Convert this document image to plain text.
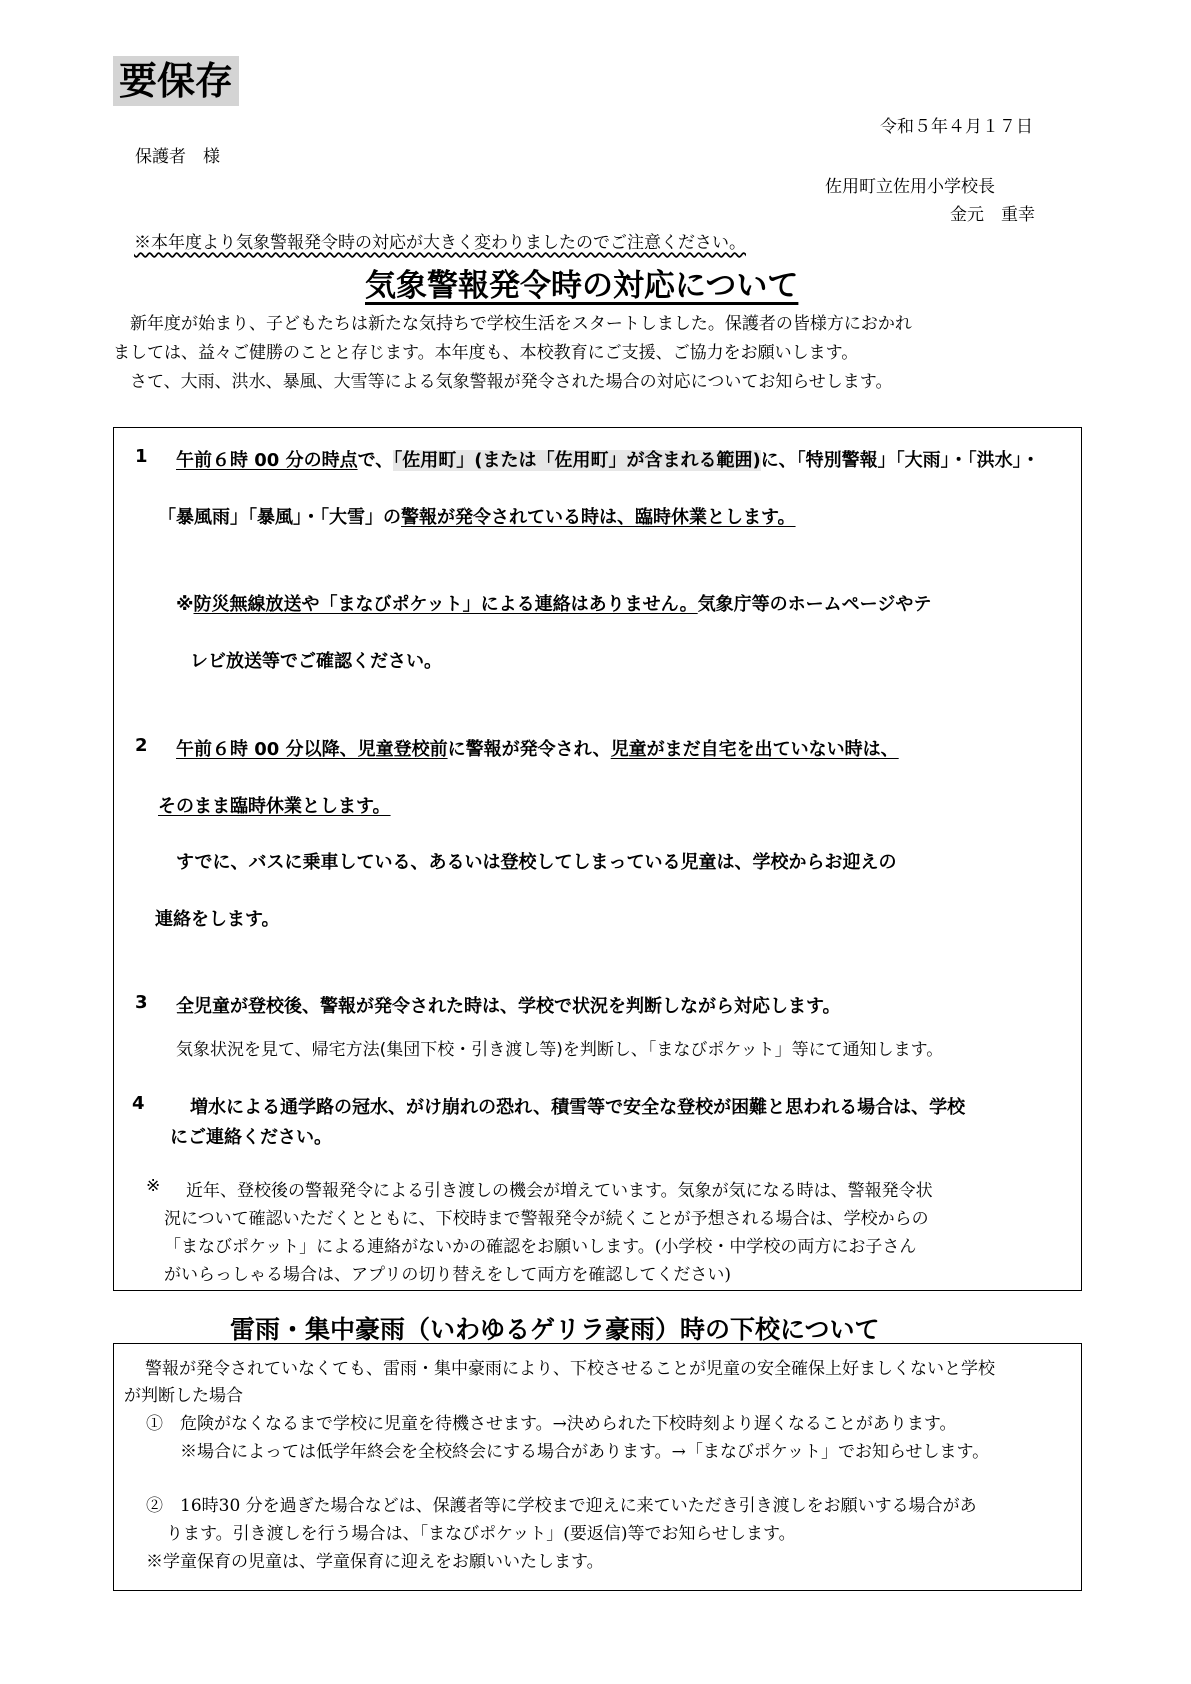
要保存
令和５年４月１７日
保護者　様
佐用町立佐用小学校長
金元　重幸
※本年度より気象警報発令時の対応が大きく変わりましたのでご注意ください。
気象警報発令時の対応について

新年度が始まり、子どもたちは新たな気持ちで学校生活をスタートしました。保護者の皆様方におかれ

ましては、益々ご健勝のことと存じます。本年度も、本校教育にご支援、ご協力をお願いします。

さて、大雨、洪水、暴風、大雪等による気象警報が発令された場合の対応についてお知らせします。

1 午前６時 00 分の時点で、「佐用町」(または「佐用町」が含まれる範囲)に、「特別警報」「大雨」・「洪水」・
「暴風雨」「暴風」・「大雪」の警報が発令されている時は、臨時休業とします。
※防災無線放送や「まなびポケット」による連絡はありません。気象庁等のホームページやテ
レビ放送等でご確認ください。
2 午前６時 00 分以降、児童登校前に警報が発令され、児童がまだ自宅を出ていない時は、
そのまま臨時休業とします。
すでに、バスに乗車している、あるいは登校してしまっている児童は、学校からお迎えの
連絡をします。
3 全児童が登校後、警報が発令された時は、学校で状況を判断しながら対応します。
気象状況を見て、帰宅方法(集団下校・引き渡し等)を判断し、「まなびポケット」等にて通知します。
4	増水による通学路の冠水、がけ崩れの恐れ、積雪等で安全な登校が困難と思われる場合は、学校
にご連絡ください。
※ 近年、登校後の警報発令による引き渡しの機会が増えています。気象が気になる時は、警報発令状
況について確認いただくとともに、下校時まで警報発令が続くことが予想される場合は、学校からの
「まなびポケット」による連絡がないかの確認をお願いします。(小学校・中学校の両方にお子さん
がいらっしゃる場合は、アプリの切り替えをして両方を確認してください)
雷雨・集中豪雨（いわゆるゲリラ豪雨）時の下校について
警報が発令されていなくても、雷雨・集中豪雨により、下校させることが児童の安全確保上好ましくないと学校
が判断した場合
①　危険がなくなるまで学校に児童を待機させます。→決められた下校時刻より遅くなることがあります。
※場合によっては低学年終会を全校終会にする場合があります。→「まなびポケット」でお知らせします。
②　16時30 分を過ぎた場合などは、保護者等に学校まで迎えに来ていただき引き渡しをお願いする場合があ
ります。引き渡しを行う場合は、「まなびポケット」(要返信)等でお知らせします。
※学童保育の児童は、学童保育に迎えをお願いいたします。
